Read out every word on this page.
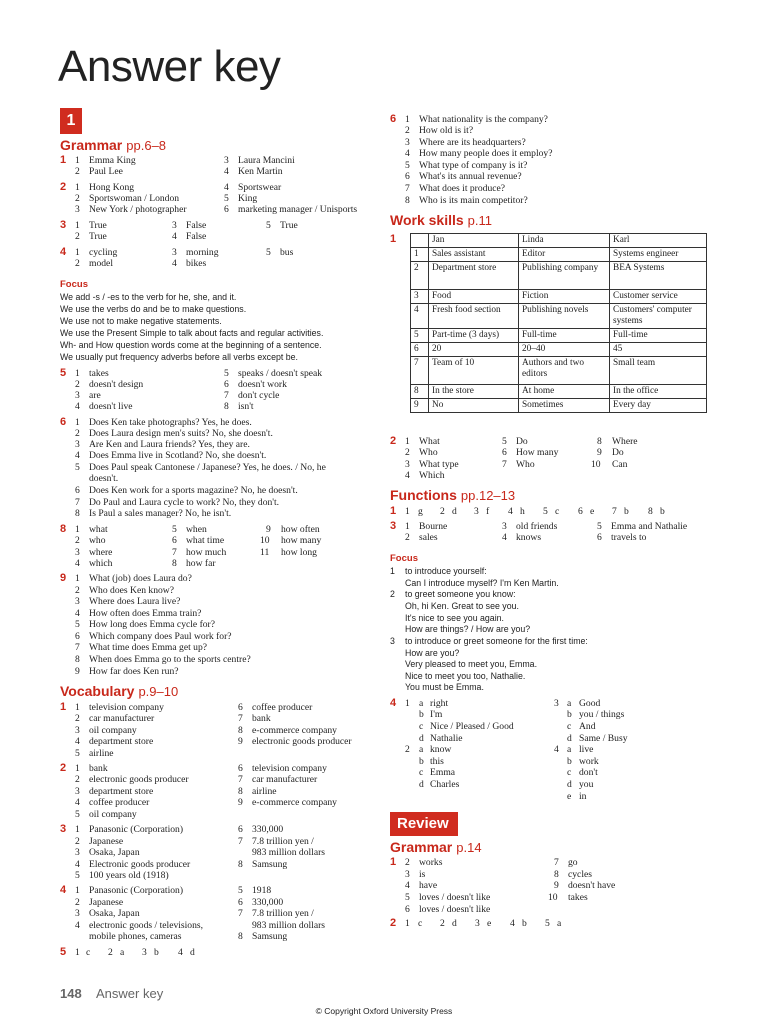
Answer key
1
Grammar pp.6–8
1 1 Emma King
2 Paul Lee
3 Laura Mancini
4 Ken Martin
2 1 Hong Kong
2 Sportswoman / London
3 New York / photographer
4 Sportswear
5 King
6 marketing manager / Unisports
3 1 True
2 True
3 False
4 False
5 True
4 1 cycling
2 model
3 morning
4 bikes
5 bus
Focus
We add -s / -es to the verb for he, she, and it.
We use the verbs do and be to make questions.
We use not to make negative statements.
We use the Present Simple to talk about facts and regular activities.
Wh- and How question words come at the beginning of a sentence.
We usually put frequency adverbs before all verbs except be.
5 1 takes
2 doesn't design
3 are
4 doesn't live
5 speaks / doesn't speak
6 doesn't work
7 don't cycle
8 isn't
6 1 Does Ken take photographs? Yes, he does.
2 Does Laura design men's suits? No, she doesn't.
3 Are Ken and Laura friends? Yes, they are.
4 Does Emma live in Scotland? No, she doesn't.
5 Does Paul speak Cantonese / Japanese? Yes, he does. / No, he
doesn't.
6 Does Ken work for a sports magazine? No, he doesn't.
7 Do Paul and Laura cycle to work? No, they don't.
8 Is Paul a sales manager? No, he isn't.
8 1 what
2 who
3 where
4 which
5 when
6 what time
7 how much
8 how far
9 how often
10 how many
11 how long
9 1 What (job) does Laura do?
2 Who does Ken know?
3 Where does Laura live?
4 How often does Emma train?
5 How long does Emma cycle for?
6 Which company does Paul work for?
7 What time does Emma get up?
8 When does Emma go to the sports centre?
9 How far does Ken run?
Vocabulary p.9–10
1 1 television company
2 car manufacturer
3 oil company
4 department store
5 airline
6 coffee producer
7 bank
8 e-commerce company
9 electronic goods producer
2 1 bank
2 electronic goods producer
3 department store
4 coffee producer
5 oil company
6 television company
7 car manufacturer
8 airline
9 e-commerce company
3 1 Panasonic (Corporation)
2 Japanese
3 Osaka, Japan
4 Electronic goods producer
5 100 years old (1918)
6 330,000
7 7.8 trillion yen /
983 million dollars
8 Samsung
4 1 Panasonic (Corporation)
2 Japanese
3 Osaka, Japan
4 electronic goods / televisions,
mobile phones, cameras
5 1918
6 330,000
7 7.8 trillion yen /
983 million dollars
8 Samsung
5 1 c 2 a 3 b 4 d
6 1 What nationality is the company?
2 How old is it?
3 Where are its headquarters?
4 How many people does it employ?
5 What type of company is it?
6 What's its annual revenue?
7 What does it produce?
8 Who is its main competitor?
Work skills p.11
1
		Jan	Linda	Karl
1	Sales assistant	Editor	Systems engineer
2	Department store	Publishing company	BEA Systems
3	Food	Fiction	Customer service
4	Fresh food section	Publishing novels	Customers' computer systems
5	Part-time (3 days)	Full-time	Full-time
6	20	20–40	45
7	Team of 10	Authors and two editors	Small team
8	In the store	At home	In the office
9	No	Sometimes	Every day
2 1 What
2 Who
3 What type
4 Which
5 Do
6 How many
7 Who
8 Where
9 Do
10 Can
Functions pp.12–13
1 1 g 2 d 3 f 4 h 5 c 6 e 7 b 8 b
3 1 Bourne
2 sales
3 old friends
4 knows
5 Emma and Nathalie
6 travels to
Focus
1 to introduce yourself:
Can I introduce myself? I'm Ken Martin.
2 to greet someone you know:
Oh, hi Ken. Great to see you.
It's nice to see you again.
How are things? / How are you?
3 to introduce or greet someone for the first time:
How are you?
Very pleased to meet you, Emma.
Nice to meet you too, Nathalie.
You must be Emma.
4 1 a right
b I'm
c Nice / Pleased / Good
d Nathalie
2 a know
b this
c Emma
d Charles
3 a Good
b you / things
c And
d Same / Busy
4 a live
b work
c don't
d you
e in
Review
Grammar p.14
1 2 works
3 is
4 have
5 loves / doesn't like
6 loves / doesn't like
7 go
8 cycles
9 doesn't have
10 takes
2 1 c 2 d 3 e 4 b 5 a
148 Answer key
© Copyright Oxford University Press
